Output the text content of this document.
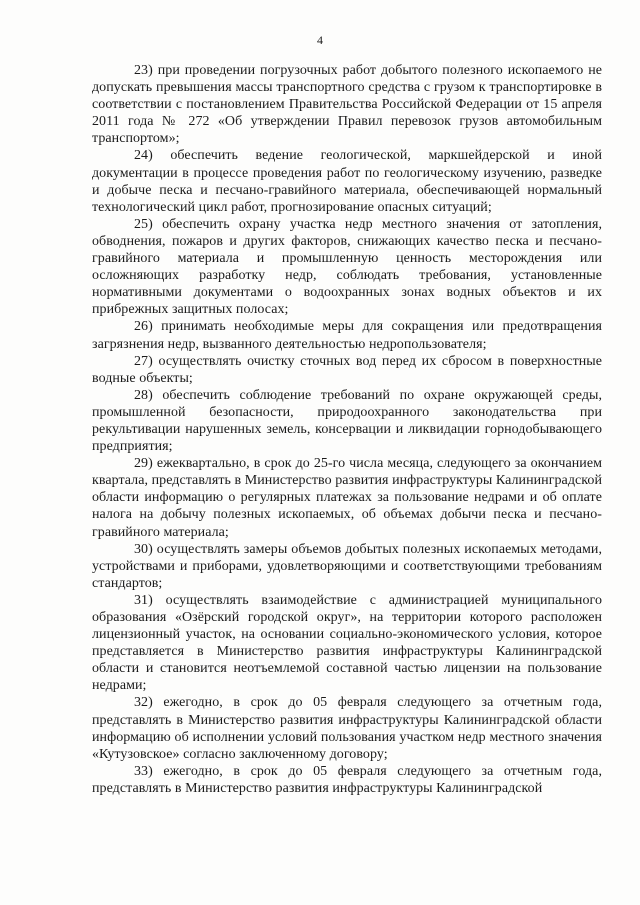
4

23) при проведении погрузочных работ добытого полезного ископаемого не допускать превышения массы транспортного средства с грузом к транспортировке в соответствии с постановлением Правительства Российской Федерации от 15 апреля 2011 года № 272 «Об утверждении Правил перевозок грузов автомобильным транспортом»;

24) обеспечить ведение геологической, маркшейдерской и иной документации в процессе проведения работ по геологическому изучению, разведке и добыче песка и песчано-гравийного материала, обеспечивающей нормальный технологический цикл работ, прогнозирование опасных ситуаций;

25) обеспечить охрану участка недр местного значения от затопления, обводнения, пожаров и других факторов, снижающих качество песка и песчано-гравийного материала и промышленную ценность месторождения или осложняющих разработку недр, соблюдать требования, установленные нормативными документами о водоохранных зонах водных объектов и их прибрежных защитных полосах;

26) принимать необходимые меры для сокращения или предотвращения загрязнения недр, вызванного деятельностью недропользователя;

27) осуществлять очистку сточных вод перед их сбросом в поверхностные водные объекты;

28) обеспечить соблюдение требований по охране окружающей среды, промышленной безопасности, природоохранного законодательства при рекультивации нарушенных земель, консервации и ликвидации горнодобывающего предприятия;

29) ежеквартально, в срок до 25-го числа месяца, следующего за окончанием квартала, представлять в Министерство развития инфраструктуры Калининградской области информацию о регулярных платежах за пользование недрами и об оплате налога на добычу полезных ископаемых, об объемах добычи песка и песчано-гравийного материала;

30) осуществлять замеры объемов добытых полезных ископаемых методами, устройствами и приборами, удовлетворяющими и соответствующими требованиям стандартов;

31) осуществлять взаимодействие с администрацией муниципального образования «Озёрский городской округ», на территории которого расположен лицензионный участок, на основании социально-экономического условия, которое представляется в Министерство развития инфраструктуры Калининградской области и становится неотъемлемой составной частью лицензии на пользование недрами;

32) ежегодно, в срок до 05 февраля следующего за отчетным года, представлять в Министерство развития инфраструктуры Калининградской области информацию об исполнении условий пользования участком недр местного значения «Кутузовское» согласно заключенному договору;

33) ежегодно, в срок до 05 февраля следующего за отчетным года, представлять в Министерство развития инфраструктуры Калининградской
